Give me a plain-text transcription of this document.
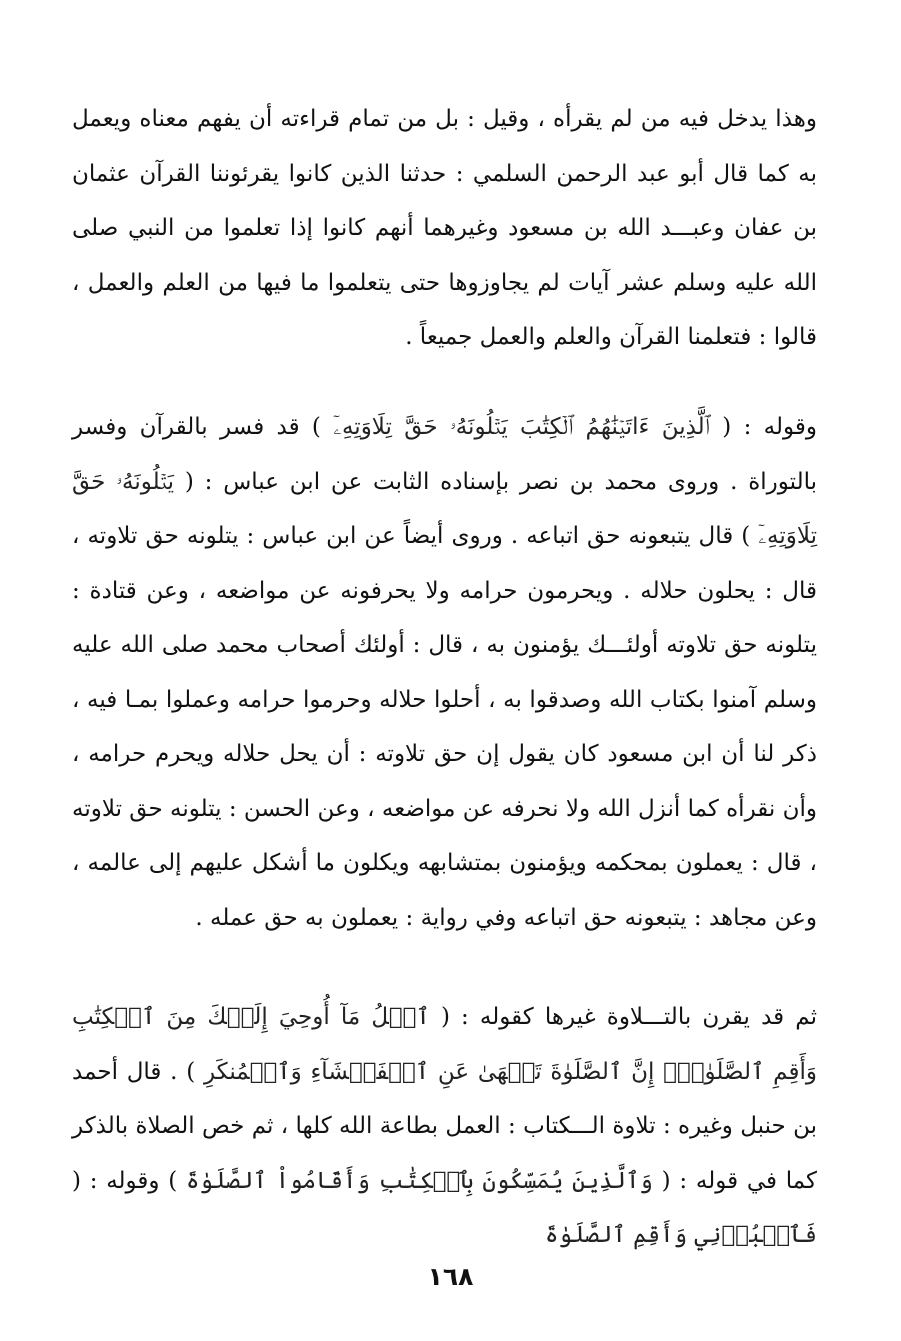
وهذا يدخل فيه من لم يقرأه ، وقيل : بل من تمام قراءته أن يفهم معناه ويعمل به كما قال أبو عبد الرحمن السلمي : حدثنا الذين كانوا يقرئوننا القرآن عثمان بن عفان وعبـــد الله بن مسعود وغيرهما أنهم كانوا إذا تعلموا من النبي صلى الله عليه وسلم عشر آيات لم يجاوزوها حتى يتعلموا ما فيها من العلم والعمل ، قالوا : فتعلمنا القرآن والعلم والعمل جميعاً .
وقوله : ( ٱلَّذِينَ ءَاتَيۡنَٰهُمُ ٱلۡكِتَٰبَ يَتۡلُونَهُۥ حَقَّ تِلَاوَتِهِۦٓ ) قد فسر بالقرآن وفسر بالتوراة . وروى محمد بن نصر بإسناده الثابت عن ابن عباس : ( يَتۡلُونَهُۥ حَقَّ تِلَاوَتِهِۦٓ ) قال يتبعونه حق اتباعه . وروى أيضاً عن ابن عباس : يتلونه حق تلاوته ، قال : يحلون حلاله . ويحرمون حرامه ولا يحرفونه عن مواضعه ، وعن قتادة : يتلونه حق تلاوته أولئـــك يؤمنون به ، قال : أولئك أصحاب محمد صلى الله عليه وسلم آمنوا بكتاب الله وصدقوا به ، أحلوا حلاله وحرموا حرامه وعملوا بمـا فيه ، ذكر لنا أن ابن مسعود كان يقول إن حق تلاوته : أن يحل حلاله ويحرم حرامه ، وأن نقرأه كما أنزل الله ولا نحرفه عن مواضعه ، وعن الحسن : يتلونه حق تلاوته ، قال : يعملون بمحكمه ويؤمنون بمتشابهه ويكلون ما أشكل عليهم إلى عالمه ، وعن مجاهد : يتبعونه حق اتباعه وفي رواية : يعملون به حق عمله .
ثم قد يقرن بالتـــلاوة غيرها كقوله : ( ٱتۡلُ مَآ أُوحِيَ إِلَيۡكَ مِنَ ٱلۡكِتَٰبِ وَأَقِمِ ٱلصَّلَوٰةَۖ إِنَّ ٱلصَّلَوٰةَ تَنۡهَىٰ عَنِ ٱلۡفَحۡشَآءِ وَٱلۡمُنكَرِ ) . قال أحمد بن حنبل وغيره : تلاوة الـــكتاب : العمل بطاعة الله كلها ، ثم خص الصلاة بالذكر كما في قوله : ( وَٱلَّذِينَ يُمَسِّكُونَ بِٱلۡكِتَٰبِ وَأَقَامُواْ ٱلصَّلَوٰةَ ) وقوله : ( فَٱعۡبُدۡنِي وَأَقِمِ ٱلصَّلَوٰةَ
١٦٨
